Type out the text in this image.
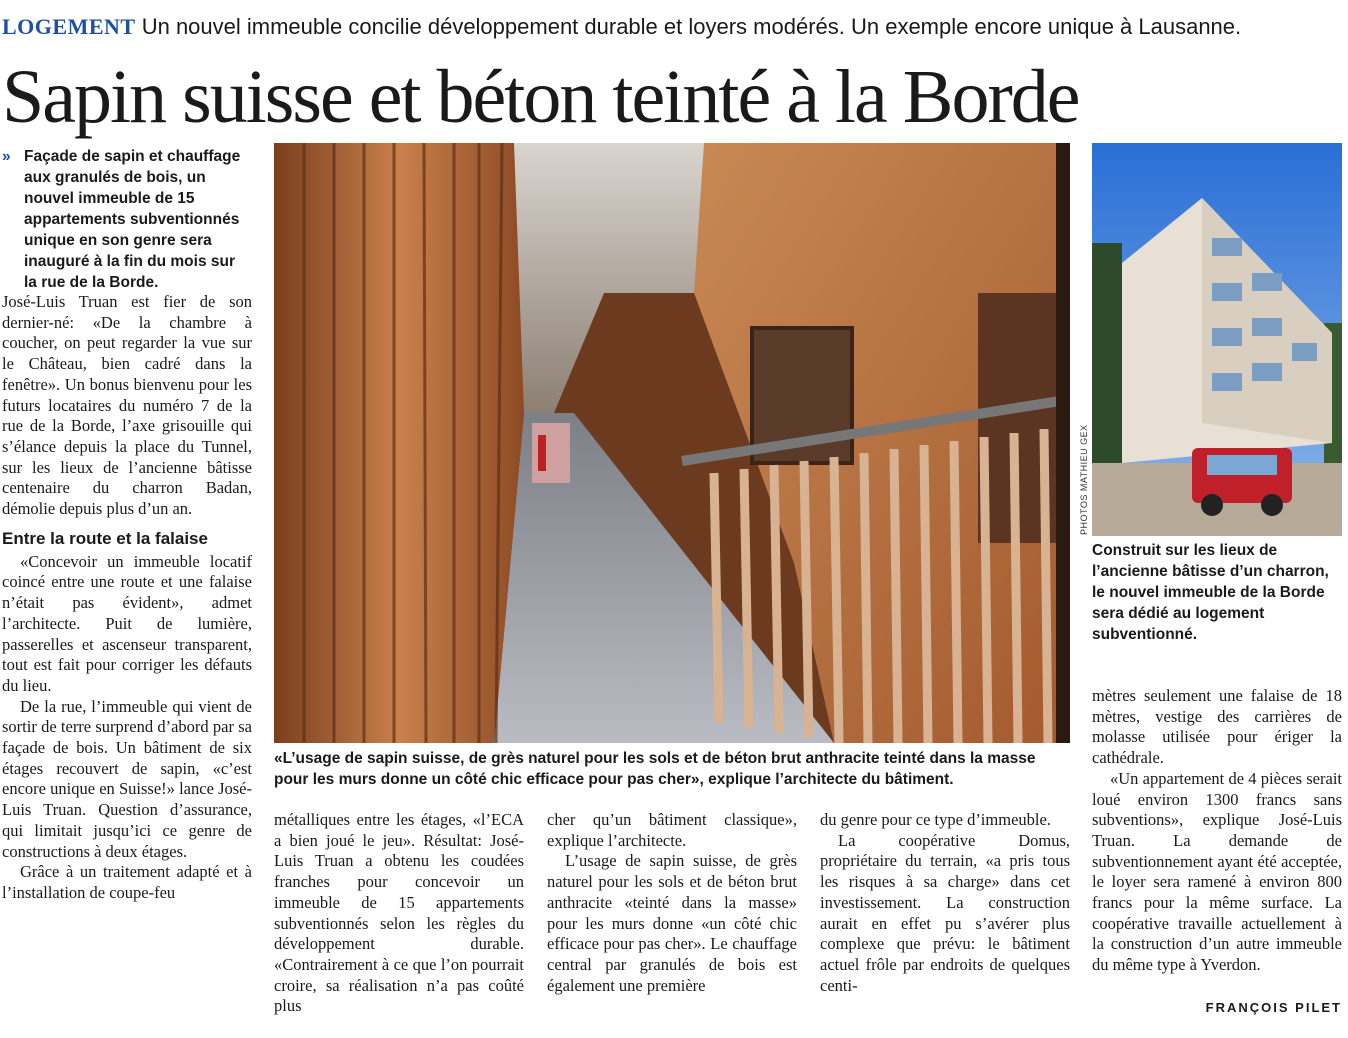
LOGEMENT Un nouvel immeuble concilie développement durable et loyers modérés. Un exemple encore unique à Lausanne.
Sapin suisse et béton teinté à la Borde
» Façade de sapin et chauffage aux granulés de bois, un nouvel immeuble de 15 appartements subventionnés unique en son genre sera inauguré à la fin du mois sur la rue de la Borde.

José-Luis Truan est fier de son dernier-né: «De la chambre à coucher, on peut regarder la vue sur le Château, bien cadré dans la fenêtre». Un bonus bienvenu pour les futurs locataires du numéro 7 de la rue de la Borde, l’axe grisouille qui s’élance depuis la place du Tunnel, sur les lieux de l’ancienne bâtisse centenaire du charron Badan, démolie depuis plus d’un an.

Entre la route et la falaise

«Concevoir un immeuble locatif coincé entre une route et une falaise n’était pas évident», admet l’architecte. Puit de lumière, passerelles et ascenseur transparent, tout est fait pour corriger les défauts du lieu.

De la rue, l’immeuble qui vient de sortir de terre surprend d’abord par sa façade de bois. Un bâtiment de six étages recouvert de sapin, «c’est encore unique en Suisse!» lance José-Luis Truan. Question d’assurance, qui limitait jusqu’ici ce genre de constructions à deux étages.

Grâce à un traitement adapté et à l’installation de coupe-feu

«L’usage de sapin suisse, de grès naturel pour les sols et de béton brut anthracite teinté dans la masse pour les murs donne un côté chic efficace pour pas cher», explique l’architecte du bâtiment.

métalliques entre les étages, «l’ECA a bien joué le jeu». Résultat: José-Luis Truan a obtenu les coudées franches pour concevoir un immeuble de 15 appartements subventionnés selon les règles du développement durable. «Contrairement à ce que l’on pourrait croire, sa réalisation n’a pas coûté plus

cher qu’un bâtiment classique», explique l’architecte.

L’usage de sapin suisse, de grès naturel pour les sols et de béton brut anthracite «teinté dans la masse» pour les murs donne «un côté chic efficace pour pas cher». Le chauffage central par granulés de bois est également une première

du genre pour ce type d’immeuble.

La coopérative Domus, propriétaire du terrain, «a pris tous les risques à sa charge» dans cet investissement. La construction aurait en effet pu s’avérer plus complexe que prévu: le bâtiment actuel frôle par endroits de quelques centi-

PHOTOS MATHIEU GEX
Construit sur les lieux de l’ancienne bâtisse d’un charron, le nouvel immeuble de la Borde sera dédié au logement subventionné.

mètres seulement une falaise de 18 mètres, vestige des carrières de molasse utilisée pour ériger la cathédrale.

«Un appartement de 4 pièces serait loué environ 1300 francs sans subventions», explique José-Luis Truan. La demande de subventionnement ayant été acceptée, le loyer sera ramené à environ 800 francs pour la même surface. La coopérative travaille actuellement à la construction d’un autre immeuble du même type à Yverdon.

FRANÇOIS PILET
